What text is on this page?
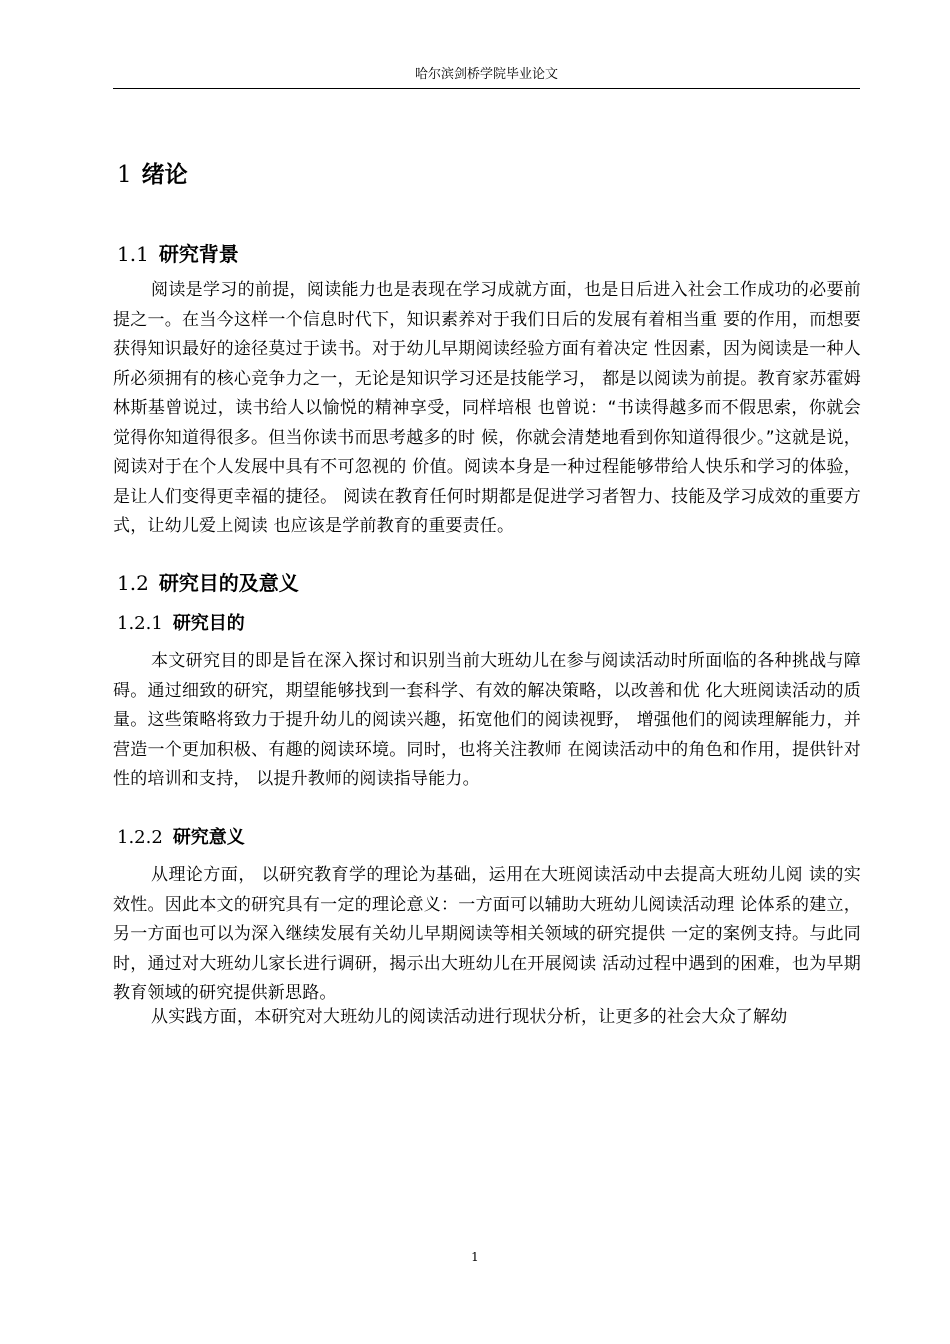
哈尔滨剑桥学院毕业论文
1 绪论
1.1 研究背景

阅读是学习的前提，阅读能力也是表现在学习成就方面，也是日后进入社会工作成功的必要前提之一。在当今这样一个信息时代下，知识素养对于我们日后的发展有着相当重 要的作用，而想要获得知识最好的途径莫过于读书。对于幼儿早期阅读经验方面有着决定 性因素，因为阅读是一种人所必须拥有的核心竞争力之一，无论是知识学习还是技能学习， 都是以阅读为前提。教育家苏霍姆林斯基曾说过，读书给人以愉悦的精神享受，同样培根 也曾说：“书读得越多而不假思索，你就会觉得你知道得很多。但当你读书而思考越多的时 候，你就会清楚地看到你知道得很少。”这就是说，阅读对于在个人发展中具有不可忽视的 价值。阅读本身是一种过程能够带给人快乐和学习的体验，是让人们变得更幸福的捷径。 阅读在教育任何时期都是促进学习者智力、技能及学习成效的重要方式，让幼儿爱上阅读 也应该是学前教育的重要责任。

1.2 研究目的及意义
1.2.1 研究目的

本文研究目的即是旨在深入探讨和识别当前大班幼儿在参与阅读活动时所面临的各种挑战与障碍。通过细致的研究，期望能够找到一套科学、有效的解决策略，以改善和优 化大班阅读活动的质量。这些策略将致力于提升幼儿的阅读兴趣，拓宽他们的阅读视野， 增强他们的阅读理解能力，并营造一个更加积极、有趣的阅读环境。同时，也将关注教师 在阅读活动中的角色和作用，提供针对性的培训和支持， 以提升教师的阅读指导能力。

1.2.2 研究意义

从理论方面， 以研究教育学的理论为基础，运用在大班阅读活动中去提高大班幼儿阅 读的实效性。因此本文的研究具有一定的理论意义：一方面可以辅助大班幼儿阅读活动理 论体系的建立，另一方面也可以为深入继续发展有关幼儿早期阅读等相关领域的研究提供 一定的案例支持。与此同时，通过对大班幼儿家长进行调研，揭示出大班幼儿在开展阅读 活动过程中遇到的困难，也为早期教育领域的研究提供新思路。

从实践方面，本研究对大班幼儿的阅读活动进行现状分析，让更多的社会大众了解幼

1
